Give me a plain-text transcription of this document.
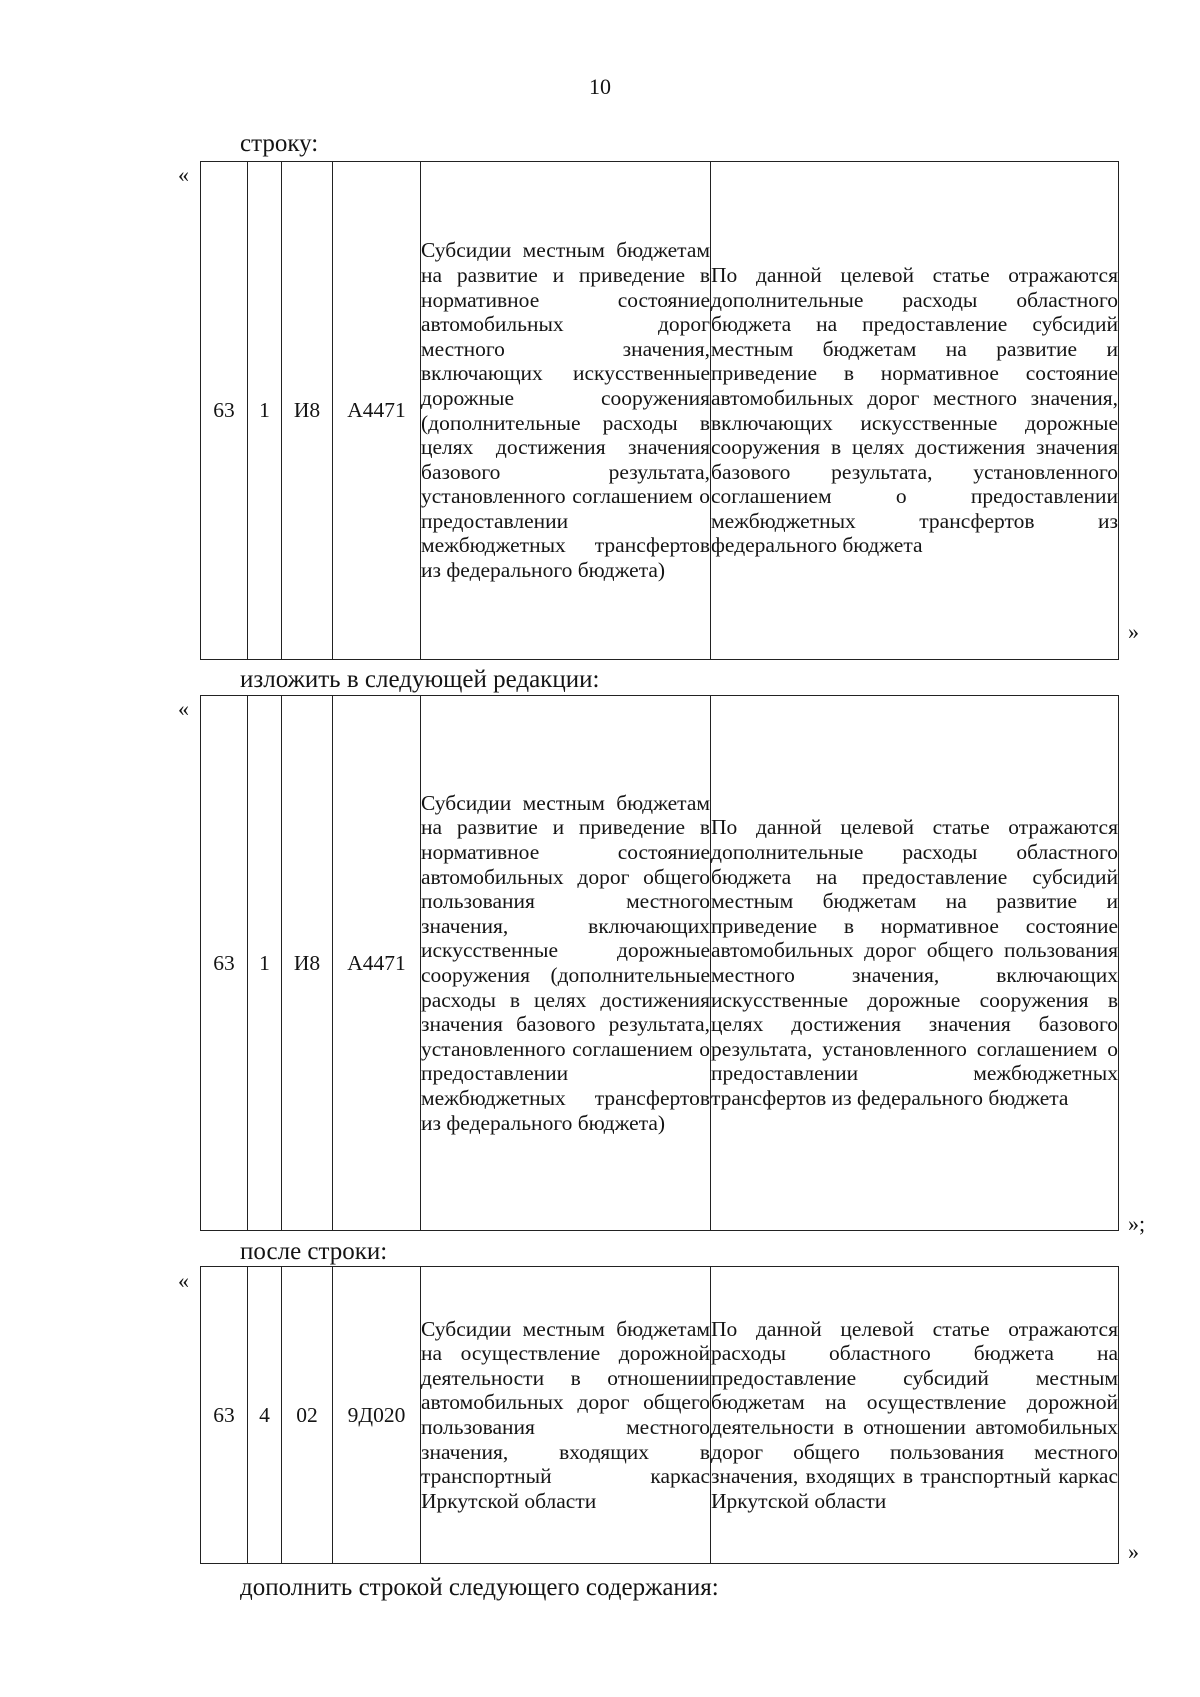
10
строку:
«
63	1	И8	А4471	Субсидии местным бюджетам на развитие и приведение в нормативное состояние автомобильных дорог местного значения, включающих искусственные дорожные сооружения (дополнительные расходы в целях достижения значения базового результата, установленного соглашением о предоставлении межбюджетных трансфертов из федерального бюджета)	По данной целевой статье отражаются дополнительные расходы областного бюджета на предоставление субсидий местным бюджетам на развитие и приведение в нормативное состояние автомобильных дорог местного значения, включающих искусственные дорожные сооружения в целях достижения значения базового результата, установленного соглашением о предоставлении межбюджетных трансфертов из федерального бюджета
»
изложить в следующей редакции:
«
63	1	И8	А4471	Субсидии местным бюджетам на развитие и приведение в нормативное состояние автомобильных дорог общего пользования местного значения, включающих искусственные дорожные сооружения (дополнительные расходы в целях достижения значения базового результата, установленного соглашением о предоставлении межбюджетных трансфертов из федерального бюджета)	По данной целевой статье отражаются дополнительные расходы областного бюджета на предоставление субсидий местным бюджетам на развитие и приведение в нормативное состояние автомобильных дорог общего пользования местного значения, включающих искусственные дорожные сооружения в целях достижения значения базового результата, установленного соглашением о предоставлении межбюджетных трансфертов из федерального бюджета
»;
после строки:
«
63	4	02	9Д020	Субсидии местным бюджетам на осуществление дорожной деятельности в отношении автомобильных дорог общего пользования местного значения, входящих в транспортный каркас Иркутской области	По данной целевой статье отражаются расходы областного бюджета на предоставление субсидий местным бюджетам на осуществление дорожной деятельности в отношении автомобильных дорог общего пользования местного значения, входящих в транспортный каркас Иркутской области
»
дополнить строкой следующего содержания:
